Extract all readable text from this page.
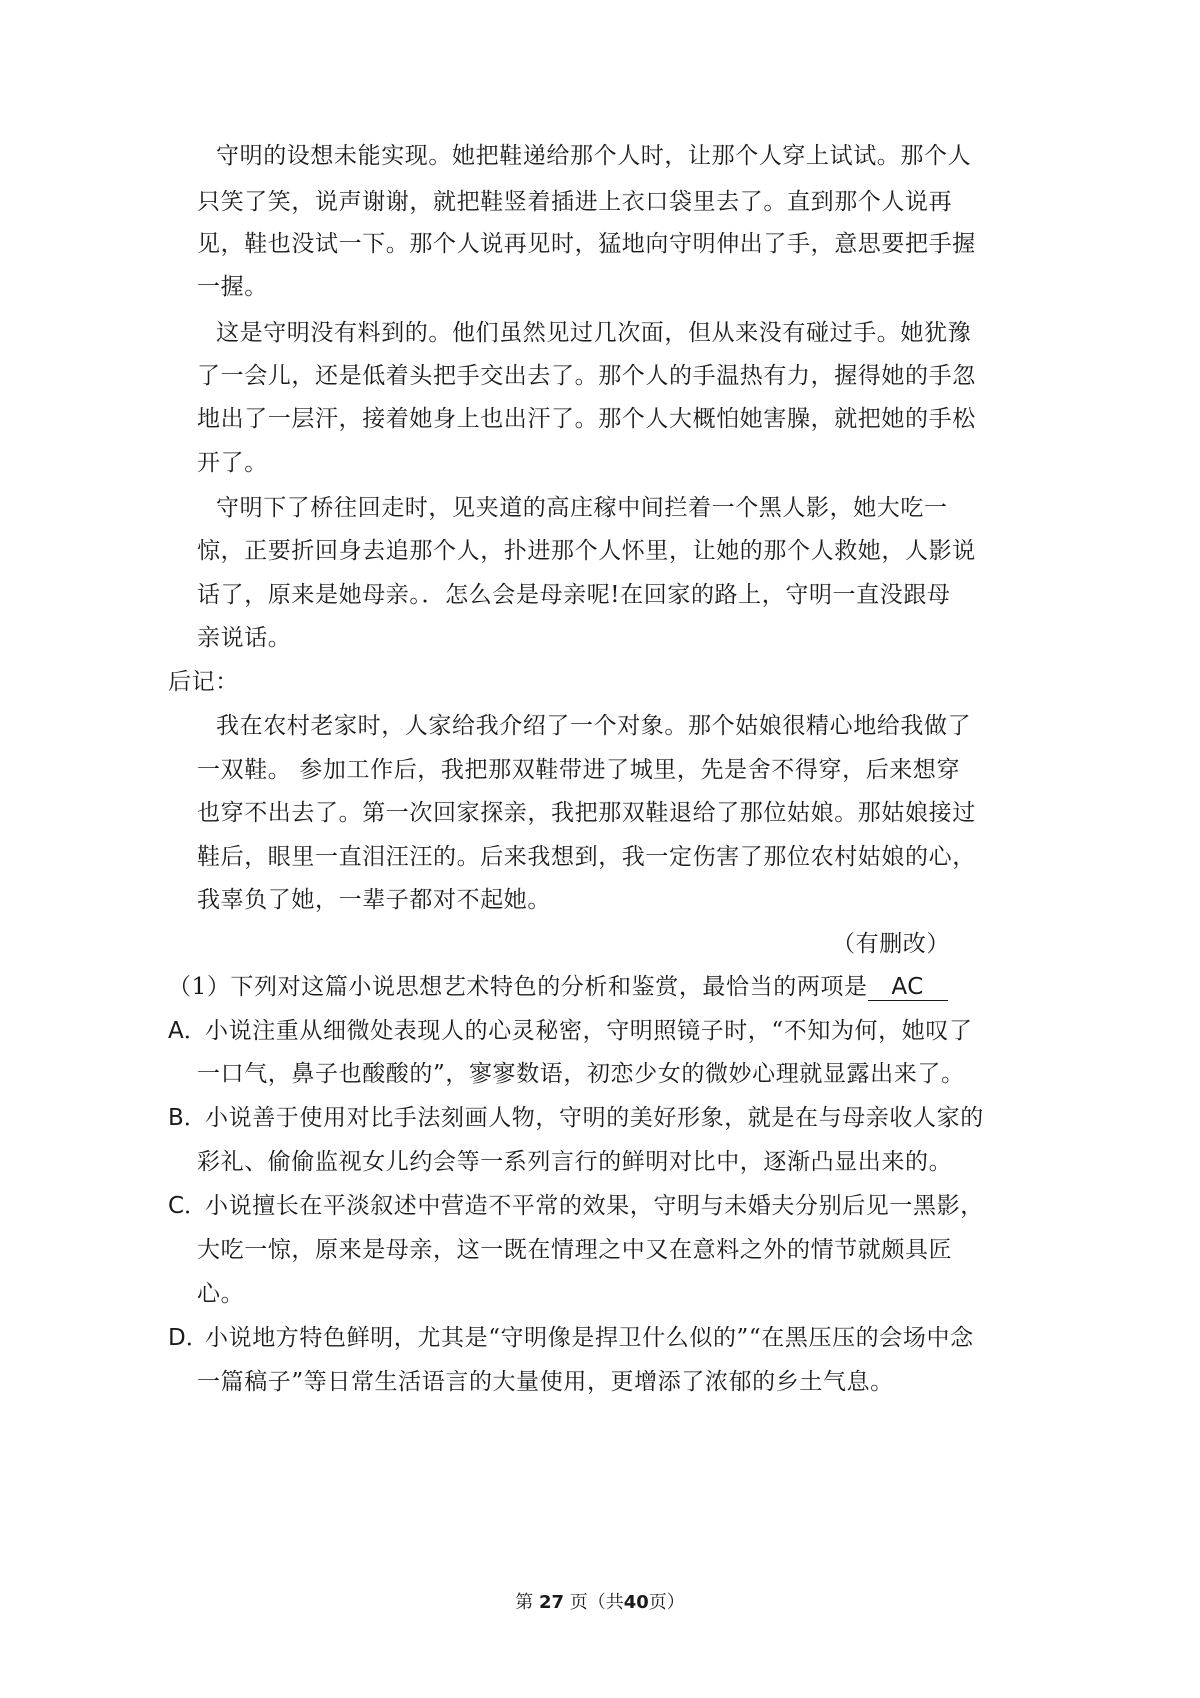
守明的设想未能实现。她把鞋递给那个人时，让那个人穿上试试。那个人
只笑了笑，说声谢谢，就把鞋竖着插进上衣口袋里去了。直到那个人说再
见，鞋也没试一下。那个人说再见时，猛地向守明伸出了手，意思要把手握
一握。
这是守明没有料到的。他们虽然见过几次面，但从来没有碰过手。她犹豫
了一会儿，还是低着头把手交出去了。那个人的手温热有力，握得她的手忽
地出了一层汗，接着她身上也出汗了。那个人大概怕她害臊，就把她的手松
开了。
守明下了桥往回走时，见夹道的高庄稼中间拦着一个黑人影，她大吃一
惊，正要折回身去追那个人，扑进那个人怀里，让她的那个人救她，人影说
话了，原来是她母亲。．怎么会是母亲呢!在回家的路上，守明一直没跟母
亲说话。
后记：
我在农村老家时，人家给我介绍了一个对象。那个姑娘很精心地给我做了
一双鞋。 参加工作后，我把那双鞋带进了城里，先是舍不得穿，后来想穿
也穿不出去了。第一次回家探亲，我把那双鞋退给了那位姑娘。那姑娘接过
鞋后，眼里一直泪汪汪的。后来我想到，我一定伤害了那位农村姑娘的心，
我辜负了她，一辈子都对不起她。
（有删改）
（1）下列对这篇小说思想艺术特色的分析和鉴赏，最恰当的两项是 AC
A．
小说注重从细微处表现人的心灵秘密，守明照镜子时，“不知为何，她叹了
一口气，鼻子也酸酸的”，寥寥数语，初恋少女的微妙心理就显露出来了。
B．
小说善于使用对比手法刻画人物，守明的美好形象，就是在与母亲收人家的
彩礼、偷偷监视女儿约会等一系列言行的鲜明对比中，逐渐凸显出来的。
C．
小说擅长在平淡叙述中营造不平常的效果，守明与未婚夫分别后见一黑影，
大吃一惊，原来是母亲，这一既在情理之中又在意料之外的情节就颇具匠
心。
D．
小说地方特色鲜明，尤其是“守明像是捍卫什么似的”“在黑压压的会场中念
一篇稿子”等日常生活语言的大量使用，更增添了浓郁的乡土气息。
第 27 页（共40页）
